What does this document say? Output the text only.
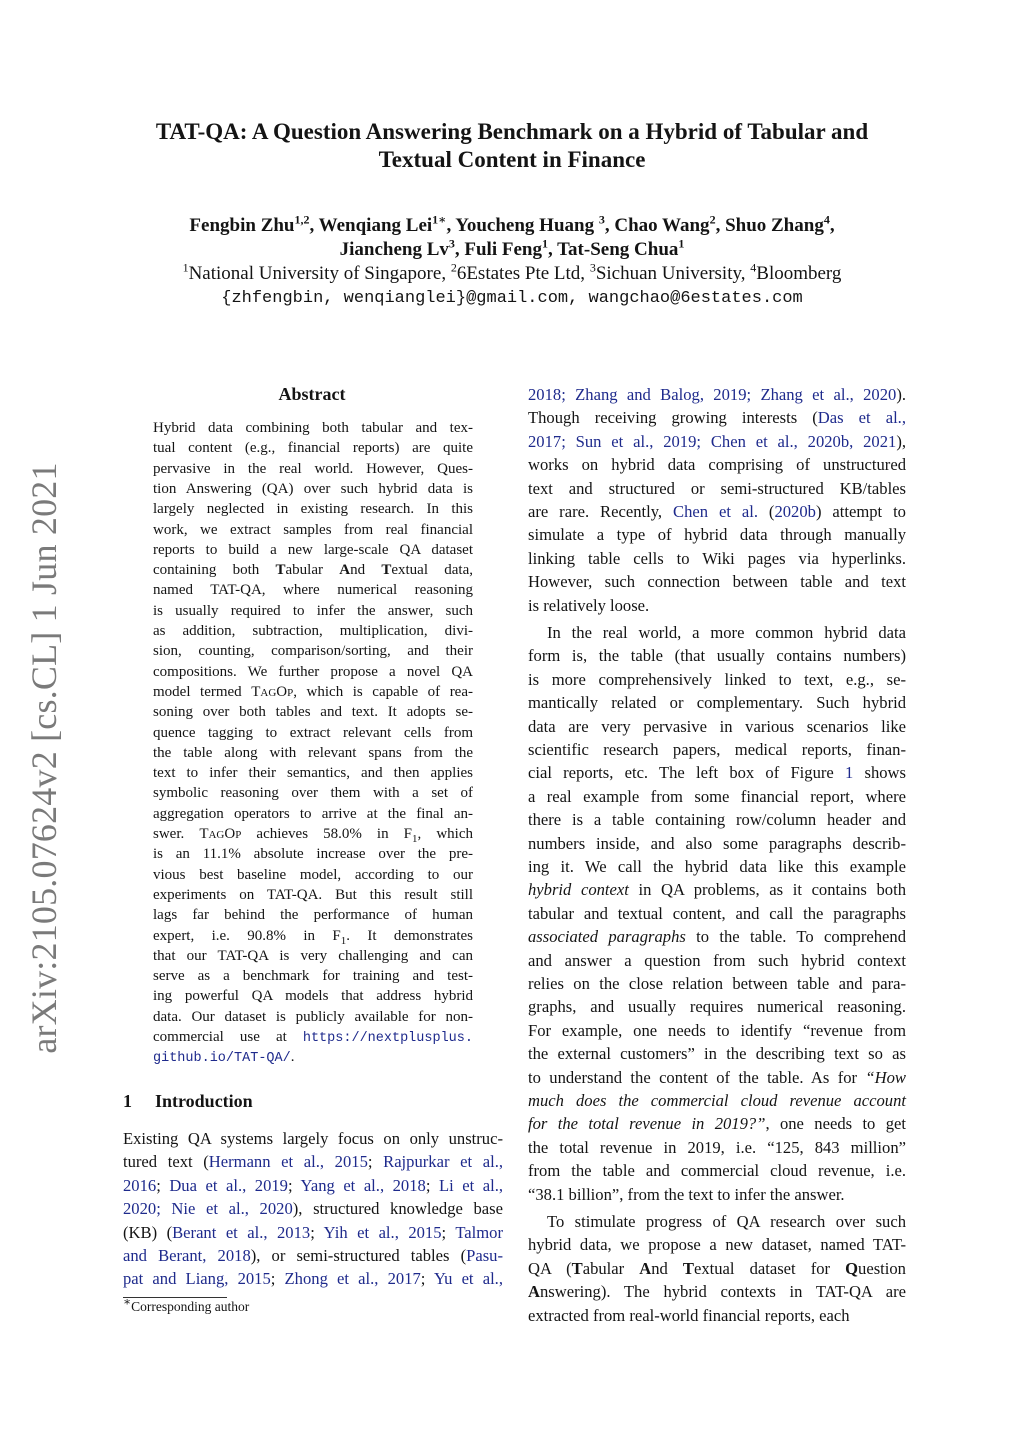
arXiv:2105.07624v2 [cs.CL] 1 Jun 2021
TAT-QA: A Question Answering Benchmark on a Hybrid of Tabular and
Textual Content in Finance
Fengbin Zhu$^{1,2}$, Wenqiang Lei$^{1∗}$, Youcheng Huang $^3$, Chao Wang$^2$, Shuo Zhang$^4$,
Jiancheng Lv$^3$, Fuli Feng$^1$, Tat-Seng Chua$^1$
$^1$National University of Singapore, $^2$6Estates Pte Ltd, $^3$Sichuan University, $^4$Bloomberg
{zhfengbin, wenqianglei}@gmail.com, wangchao@6estates.com
Abstract
Hybrid data combining both tabular and tex-
tual content (e.g., financial reports) are quite
pervasive in the real world. However, Ques-
tion Answering (QA) over such hybrid data is
largely neglected in existing research. In this
work, we extract samples from real financial
reports to build a new large-scale QA dataset
containing both Tabular And Textual data,
named TAT-QA, where numerical reasoning
is usually required to infer the answer, such
as addition, subtraction, multiplication, divi-
sion, counting, comparison/sorting, and their
compositions. We further propose a novel QA
model termed TagOp, which is capable of rea-
soning over both tables and text. It adopts se-
quence tagging to extract relevant cells from
the table along with relevant spans from the
text to infer their semantics, and then applies
symbolic reasoning over them with a set of
aggregation operators to arrive at the final an-
swer. TagOp achieves 58.0% in $F_1$, which
is an 11.1% absolute increase over the pre-
vious best baseline model, according to our
experiments on TAT-QA. But this result still
lags far behind the performance of human
expert, i.e. 90.8% in $F_1$. It demonstrates
that our TAT-QA is very challenging and can
serve as a benchmark for training and test-
ing powerful QA models that address hybrid
data. Our dataset is publicly available for non-
commercial use at https://nextplusplus.
github.io/TAT-QA/.
1 Introduction
Existing QA systems largely focus on only unstruc-
tured text (Hermann et al., 2015; Rajpurkar et al.,
2016; Dua et al., 2019; Yang et al., 2018; Li et al.,
2020; Nie et al., 2020), structured knowledge base
(KB) (Berant et al., 2013; Yih et al., 2015; Talmor
and Berant, 2018), or semi-structured tables (Pasu-
pat and Liang, 2015; Zhong et al., 2017; Yu et al.,
∗Corresponding author
2018; Zhang and Balog, 2019; Zhang et al., 2020).
Though receiving growing interests (Das et al.,
2017; Sun et al., 2019; Chen et al., 2020b, 2021),
works on hybrid data comprising of unstructured
text and structured or semi-structured KB/tables
are rare. Recently, Chen et al. (2020b) attempt to
simulate a type of hybrid data through manually
linking table cells to Wiki pages via hyperlinks.
However, such connection between table and text
is relatively loose.
In the real world, a more common hybrid data
form is, the table (that usually contains numbers)
is more comprehensively linked to text, e.g., se-
mantically related or complementary. Such hybrid
data are very pervasive in various scenarios like
scientific research papers, medical reports, finan-
cial reports, etc. The left box of Figure 1 shows
a real example from some financial report, where
there is a table containing row/column header and
numbers inside, and also some paragraphs describ-
ing it. We call the hybrid data like this example
hybrid context in QA problems, as it contains both
tabular and textual content, and call the paragraphs
associated paragraphs to the table. To comprehend
and answer a question from such hybrid context
relies on the close relation between table and para-
graphs, and usually requires numerical reasoning.
For example, one needs to identify “revenue from
the external customers” in the describing text so as
to understand the content of the table. As for “How
much does the commercial cloud revenue account
for the total revenue in 2019?”, one needs to get
the total revenue in 2019, i.e. “125, 843 million”
from the table and commercial cloud revenue, i.e.
“38.1 billion”, from the text to infer the answer.
To stimulate progress of QA research over such
hybrid data, we propose a new dataset, named TAT-
QA (Tabular And Textual dataset for Question
Answering). The hybrid contexts in TAT-QA are
extracted from real-world financial reports, each
